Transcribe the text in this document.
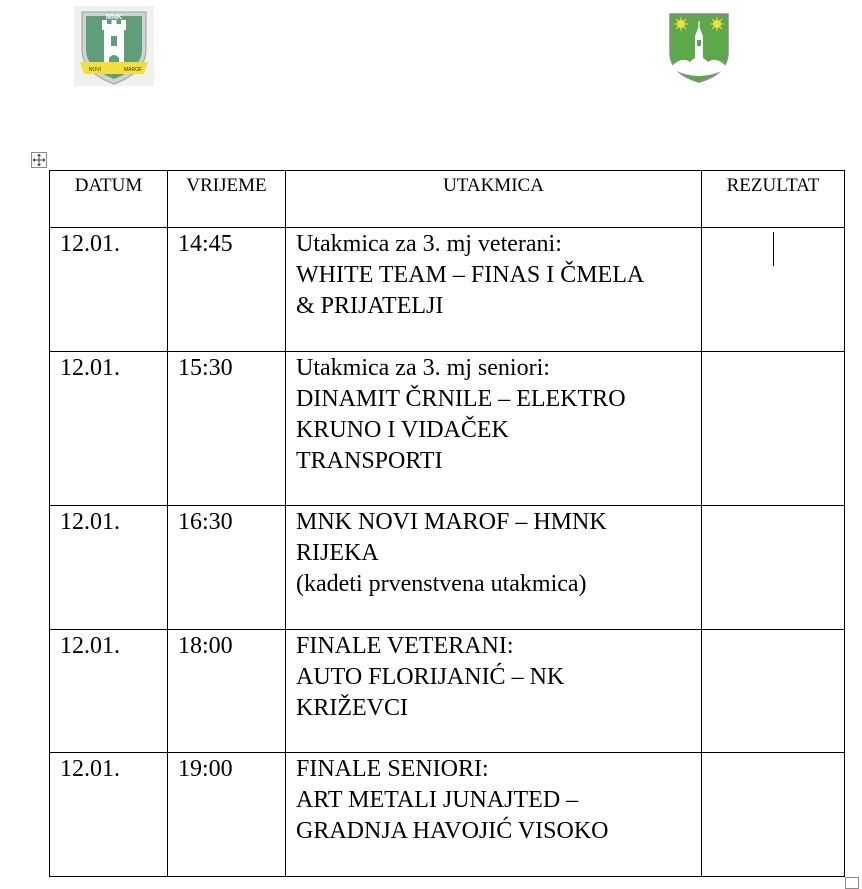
MNK
NOVI	MAROF
DATUM	VRIJEME	UTAKMICA	REZULTAT
12.01.	14:45	Utakmica za 3. mj veterani:
WHITE TEAM – FINAS I ČMELA
& PRIJATELJI	

12.01.	15:30	Utakmica za 3. mj seniori:
DINAMIT ČRNILE – ELEKTRO
KRUNO I VIDAČEK
TRANSPORTI	

12.01.	16:30	MNK NOVI MAROF – HMNK
RIJEKA
(kadeti prvenstvena utakmica)	

12.01.	18:00	FINALE VETERANI:
AUTO FLORIJANIĆ – NK
KRIŽEVCI	

12.01.	19:00	FINALE SENIORI:
ART METALI JUNAJTED –
GRADNJA HAVOJIĆ VISOKO	
